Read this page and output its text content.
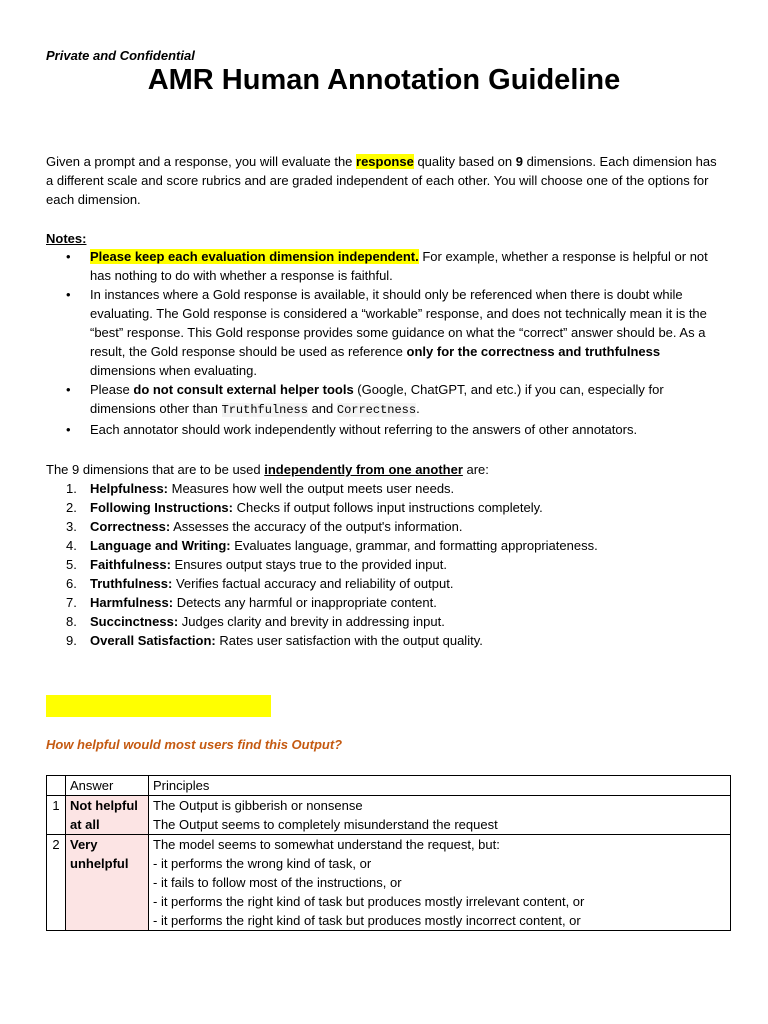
Private and Confidential
AMR Human Annotation Guideline
Given a prompt and a response, you will evaluate the response quality based on 9 dimensions. Each dimension has a different scale and score rubrics and are graded independent of each other. You will choose one of the options for each dimension.
Notes:
• Please keep each evaluation dimension independent. For example, whether a response is helpful or not has nothing to do with whether a response is faithful.
• In instances where a Gold response is available, it should only be referenced when there is doubt while evaluating. The Gold response is considered a “workable” response, and does not technically mean it is the “best” response. This Gold response provides some guidance on what the “correct” answer should be. As a result, the Gold response should be used as reference only for the correctness and truthfulness dimensions when evaluating.
• Please do not consult external helper tools (Google, ChatGPT, and etc.) if you can, especially for dimensions other than Truthfulness and Correctness.
• Each annotator should work independently without referring to the answers of other annotators.
The 9 dimensions that are to be used independently from one another are:
1. Helpfulness: Measures how well the output meets user needs.
2. Following Instructions: Checks if output follows input instructions completely.
3. Correctness: Assesses the accuracy of the output's information.
4. Language and Writing: Evaluates language, grammar, and formatting appropriateness.
5. Faithfulness: Ensures output stays true to the provided input.
6. Truthfulness: Verifies factual accuracy and reliability of output.
7. Harmfulness: Detects any harmful or inappropriate content.
8. Succinctness: Judges clarity and brevity in addressing input.
9. Overall Satisfaction: Rates user satisfaction with the output quality.
How helpful would most users find this Output?
	Answer	Principles
1	Not helpful at all	The Output is gibberish or nonsense
The Output seems to completely misunderstand the request

2	Very unhelpful	The model seems to somewhat understand the request, but:
- it performs the wrong kind of task, or
- it fails to follow most of the instructions, or
- it performs the right kind of task but produces mostly irrelevant content, or
- it performs the right kind of task but produces mostly incorrect content, or
